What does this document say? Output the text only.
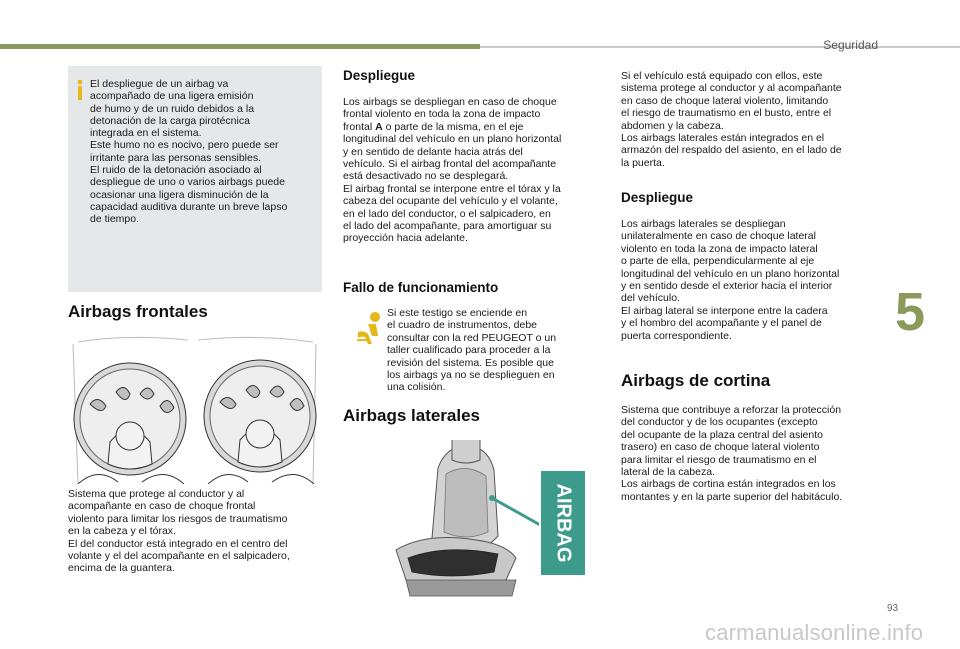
Seguridad
5
93
carmanualsonline.info
El despliegue de un airbag va
acompañado de una ligera emisión
de humo y de un ruido debidos a la
detonación de la carga pirotécnica
integrada en el sistema.
Este humo no es nocivo, pero puede ser
irritante para las personas sensibles.
El ruido de la detonación asociado al
despliegue de uno o varios airbags puede
ocasionar una ligera disminución de la
capacidad auditiva durante un breve lapso
de tiempo.
Airbags frontales
Sistema que protege al conductor y al
acompañante en caso de choque frontal
violento para limitar los riesgos de traumatismo
en la cabeza y el tórax.
El del conductor está integrado en el centro del
volante y el del acompañante en el salpicadero,
encima de la guantera.
Despliegue
Los airbags se despliegan en caso de choque
frontal violento en toda la zona de impacto
frontal A o parte de la misma, en el eje
longitudinal del vehículo en un plano horizontal
y en sentido de delante hacia atrás del
vehículo. Si el airbag frontal del acompañante
está desactivado no se desplegará.
El airbag frontal se interpone entre el tórax y la
cabeza del ocupante del vehículo y el volante,
en el lado del conductor, o el salpicadero, en
el lado del acompañante, para amortiguar su
proyección hacia adelante.
Fallo de funcionamiento
Si este testigo se enciende en
el cuadro de instrumentos, debe
consultar con la red PEUGEOT o un
taller cualificado para proceder a la
revisión del sistema. Es posible que
los airbags ya no se desplieguen en
una colisión.
Airbags laterales
AIRBAG
Si el vehículo está equipado con ellos, este
sistema protege al conductor y al acompañante
en caso de choque lateral violento, limitando
el riesgo de traumatismo en el busto, entre el
abdomen y la cabeza.
Los airbags laterales están integrados en el
armazón del respaldo del asiento, en el lado de
la puerta.
Despliegue
Los airbags laterales se despliegan
unilateralmente en caso de choque lateral
violento en toda la zona de impacto lateral
o parte de ella, perpendicularmente al eje
longitudinal del vehículo en un plano horizontal
y en sentido desde el exterior hacia el interior
del vehículo.
El airbag lateral se interpone entre la cadera
y el hombro del acompañante y el panel de
puerta correspondiente.
Airbags de cortina
Sistema que contribuye a reforzar la protección
del conductor y de los ocupantes (excepto
del ocupante de la plaza central del asiento
trasero) en caso de choque lateral violento
para limitar el riesgo de traumatismo en el
lateral de la cabeza.
Los airbags de cortina están integrados en los
montantes y en la parte superior del habitáculo.
